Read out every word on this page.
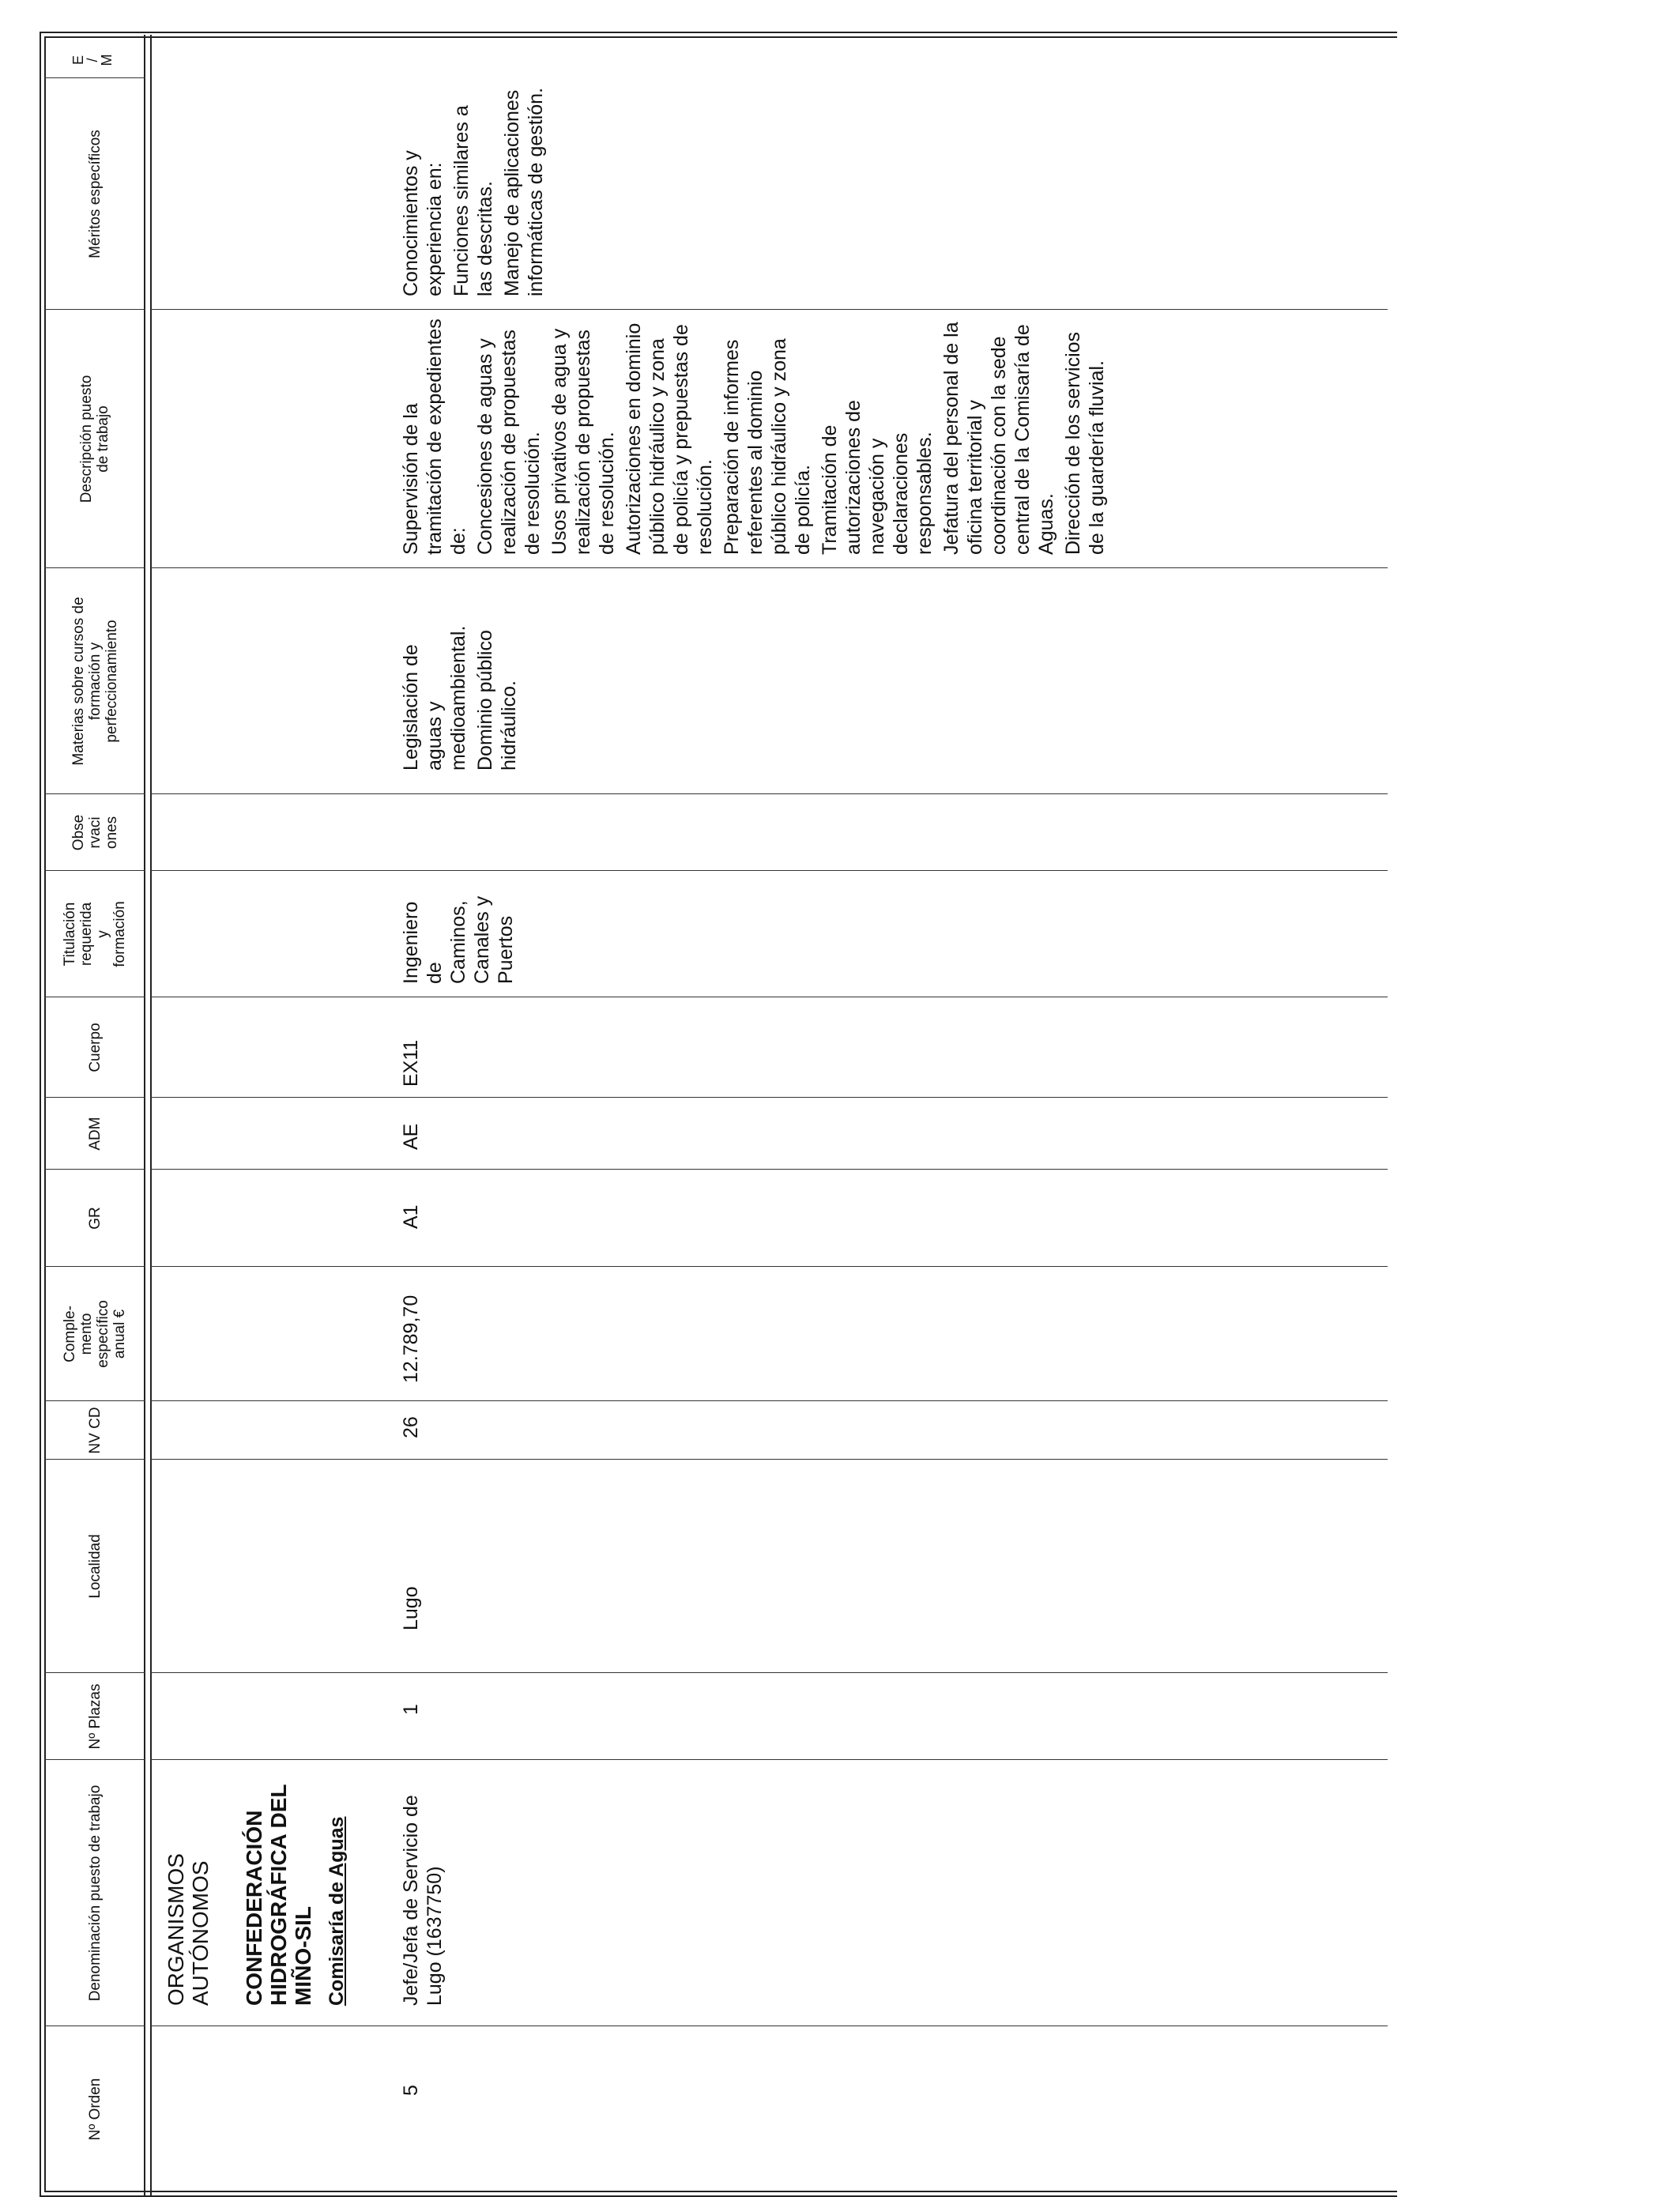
Nº Orden
Denominación puesto de trabajo
Nº Plazas
Localidad
NV CD
Comple-mento específico anual €
GR
ADM
Cuerpo
Titulación requerida y formación
Obse rvaci ones
Materias sobre cursos de formación y perfeccionamiento
Descripción puesto de trabajo
Méritos específicos
E / M
ORGANISMOS AUTÓNOMOS CONFEDERACIÓN HIDROGRÁFICA DEL MIÑO-SIL Comisaría de Aguas
5
Jefe/Jefa de Servicio de Lugo (1637750)
1
Lugo
26
12.789,70
A1
AE
EX11
Ingeniero de Caminos, Canales y Puertos
Legislación de aguas y medioambiental. Dominio público hidráulico.
Supervisión de la tramitación de expedientes de: Concesiones de aguas y realización de propuestas de resolución. Usos privativos de agua y realización de propuestas de resolución. Autorizaciones en dominio público hidráulico y zona de policía y prepuestas de resolución. Preparación de informes referentes al dominio público hidráulico y zona de policía. Tramitación de autorizaciones de navegación y declaraciones responsables. Jefatura del personal de la oficina territorial y coordinación con la sede central de la Comisaría de Aguas. Dirección de los servicios de la guardería fluvial.
Conocimientos y experiencia en: Funciones similares a las descritas. Manejo de aplicaciones informáticas de gestión.
